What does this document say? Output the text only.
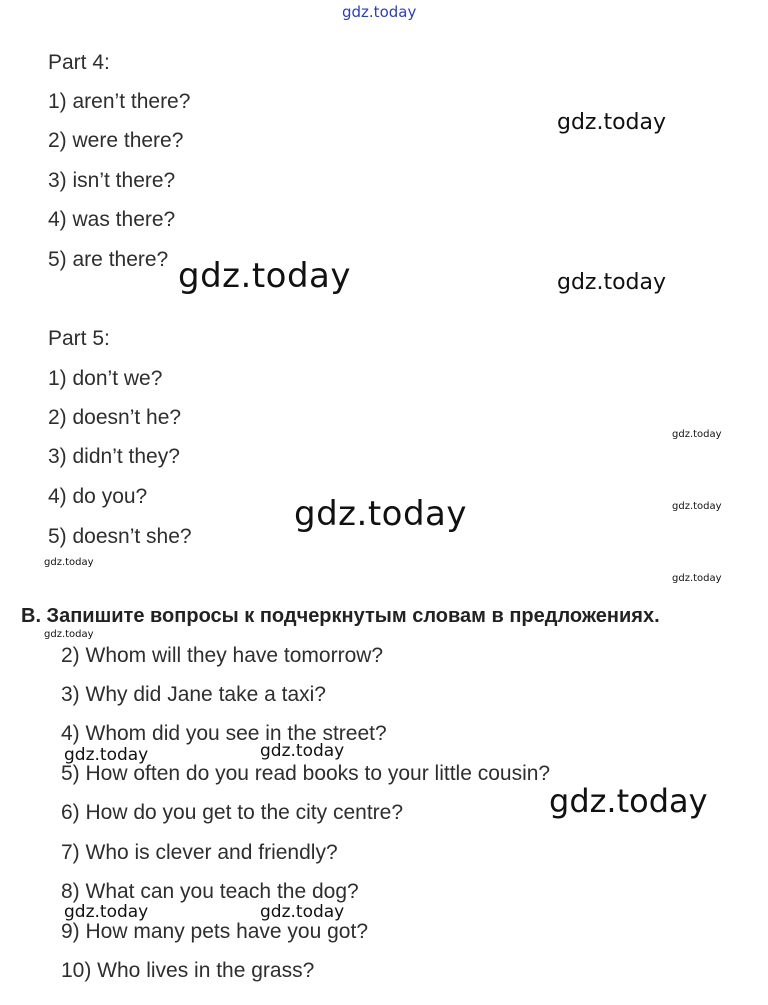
gdz.today
gdz.today
gdz.today	gdz.today
gdz.today
gdz.today	gdz.today
gdz.today
gdz.today
gdz.today
gdz.today	gdz.today
gdz.today
gdz.today	gdz.today
Part 4:
1) aren’t there?
2) were there?
3) isn’t there?
4) was there?
5) are there?
Part 5:
1) don’t we?
2) doesn’t he?
3) didn’t they?
4) do you?
5) doesn’t she?
B. Запишите вопросы к подчеркнутым словам в предложениях.
2) Whom will they have tomorrow?
3) Why did Jane take a taxi?
4) Whom did you see in the street?
5) How often do you read books to your little cousin?
6) How do you get to the city centre?
7) Who is clever and friendly?
8) What can you teach the dog?
9) How many pets have you got?
10) Who lives in the grass?
